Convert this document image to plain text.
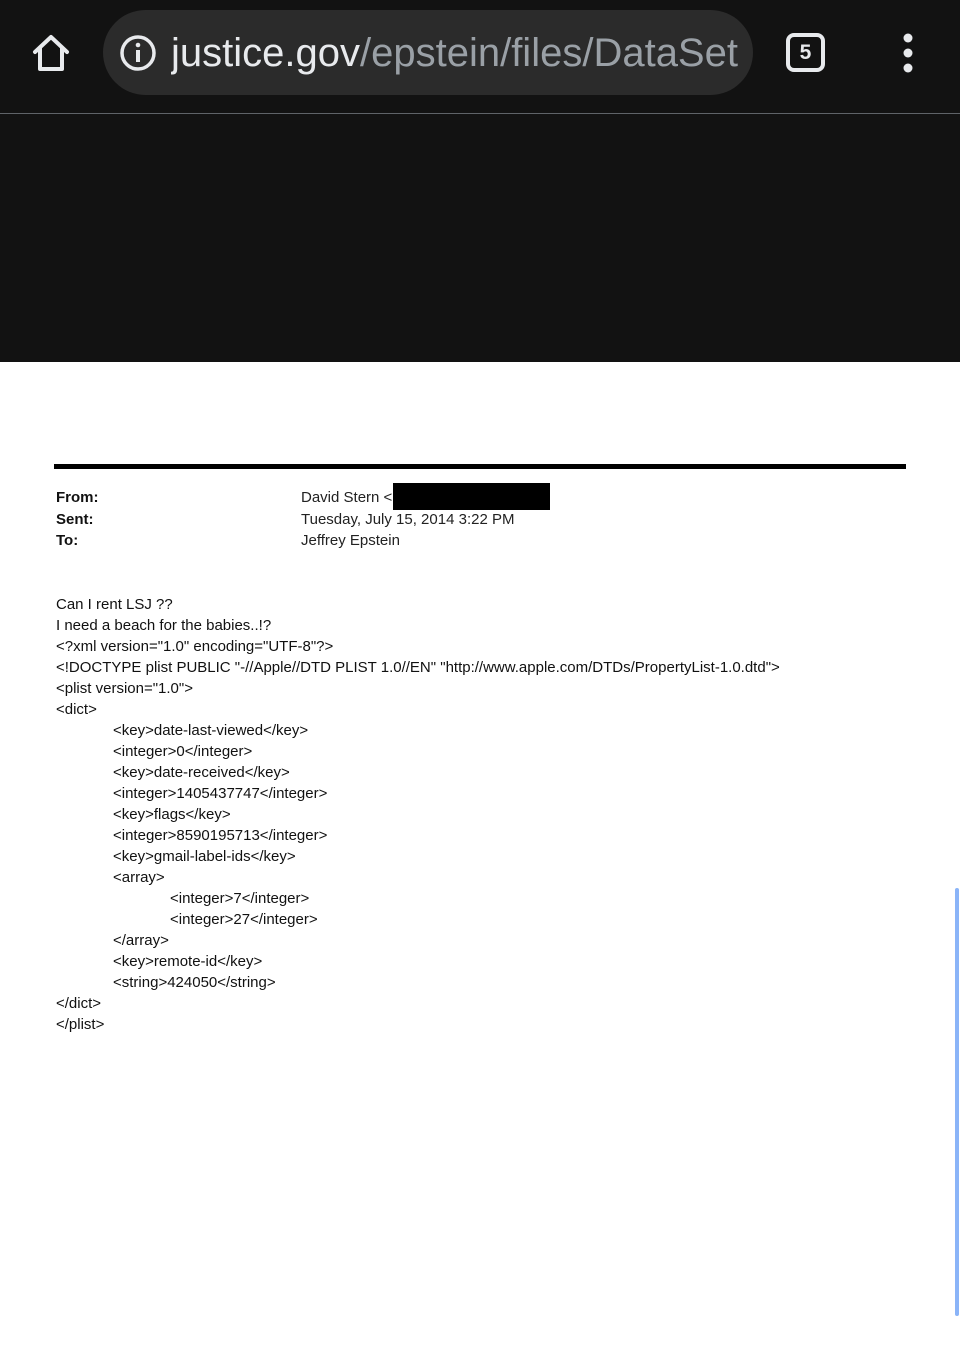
justice.gov/epstein/files/DataSet	5
From:
Sent:
To:
David Stern <
Tuesday, July 15, 2014 3:22 PM
Jeffrey Epstein
Can I rent LSJ ??
I need a beach for the babies..!?
<?xml version="1.0" encoding="UTF-8"?>
<!DOCTYPE plist PUBLIC "-//Apple//DTD PLIST 1.0//EN" "http://www.apple.com/DTDs/PropertyList-1.0.dtd">
<plist version="1.0">
<dict>
<key>date-last-viewed</key>
<integer>0</integer>
<key>date-received</key>
<integer>1405437747</integer>
<key>flags</key>
<integer>8590195713</integer>
<key>gmail-label-ids</key>
<array>
<integer>7</integer>
<integer>27</integer>
</array>
<key>remote-id</key>
<string>424050</string>
</dict>
</plist>
